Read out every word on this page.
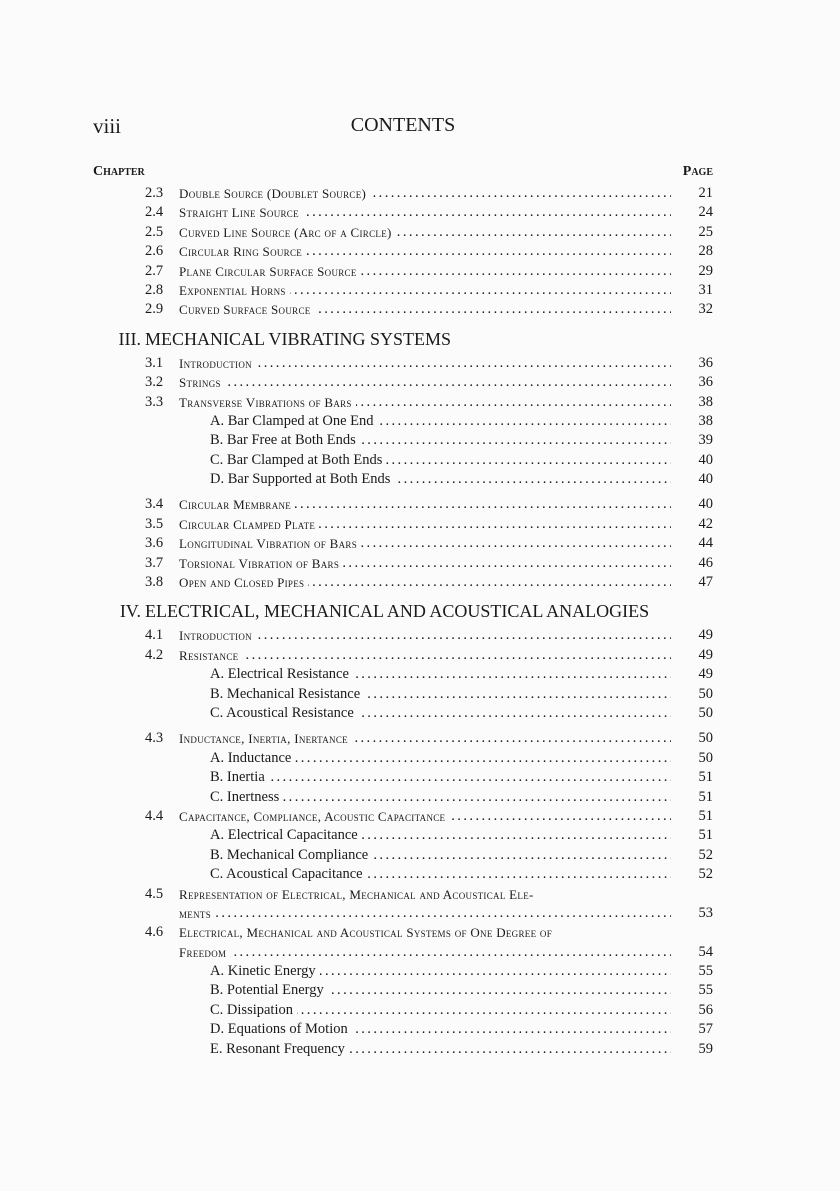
viii	CONTENTS
Chapter	Page
2.3	Double Source (Doublet Source) . . .	21
2.4	Straight Line Source . . .	24
2.5	Curved Line Source (Arc of a Circle) . . .	25
2.6	Circular Ring Source . . .	28
2.7	Plane Circular Surface Source . . .	29
2.8	Exponential Horns . . .	31
2.9	Curved Surface Source . . .	32
III. MECHANICAL VIBRATING SYSTEMS
3.1	Introduction . . .	36
3.2	Strings . . .	36
3.3	Transverse Vibrations of Bars . . .	38
A. Bar Clamped at One End . . .	38
B. Bar Free at Both Ends . . .	39
C. Bar Clamped at Both Ends . . .	40
D. Bar Supported at Both Ends . . .	40
3.4	Circular Membrane . . .	40
3.5	Circular Clamped Plate . . .	42
3.6	Longitudinal Vibration of Bars . . .	44
3.7	Torsional Vibration of Bars . . .	46
3.8	Open and Closed Pipes . . .	47
IV. ELECTRICAL, MECHANICAL AND ACOUSTICAL ANALOGIES
4.1	Introduction . . .	49
4.2	Resistance . . .	49
A. Electrical Resistance . . .	49
B. Mechanical Resistance . . .	50
C. Acoustical Resistance . . .	50
4.3	Inductance, Inertia, Inertance . . .	50
A. Inductance . . .	50
B. Inertia . . .	51
C. Inertness . . .	51
4.4	Capacitance, Compliance, Acoustic Capacitance . . .	51
A. Electrical Capacitance . . .	51
B. Mechanical Compliance . . .	52
C. Acoustical Capacitance . . .	52
4.5	Representation of Electrical, Mechanical and Acoustical Ele-
ments . . .	53
4.6	Electrical, Mechanical and Acoustical Systems of One Degree of
Freedom . . .	54
A. Kinetic Energy . . .	55
B. Potential Energy . . .	55
C. Dissipation . . .	56
D. Equations of Motion . . .	57
E. Resonant Frequency . . .	59
